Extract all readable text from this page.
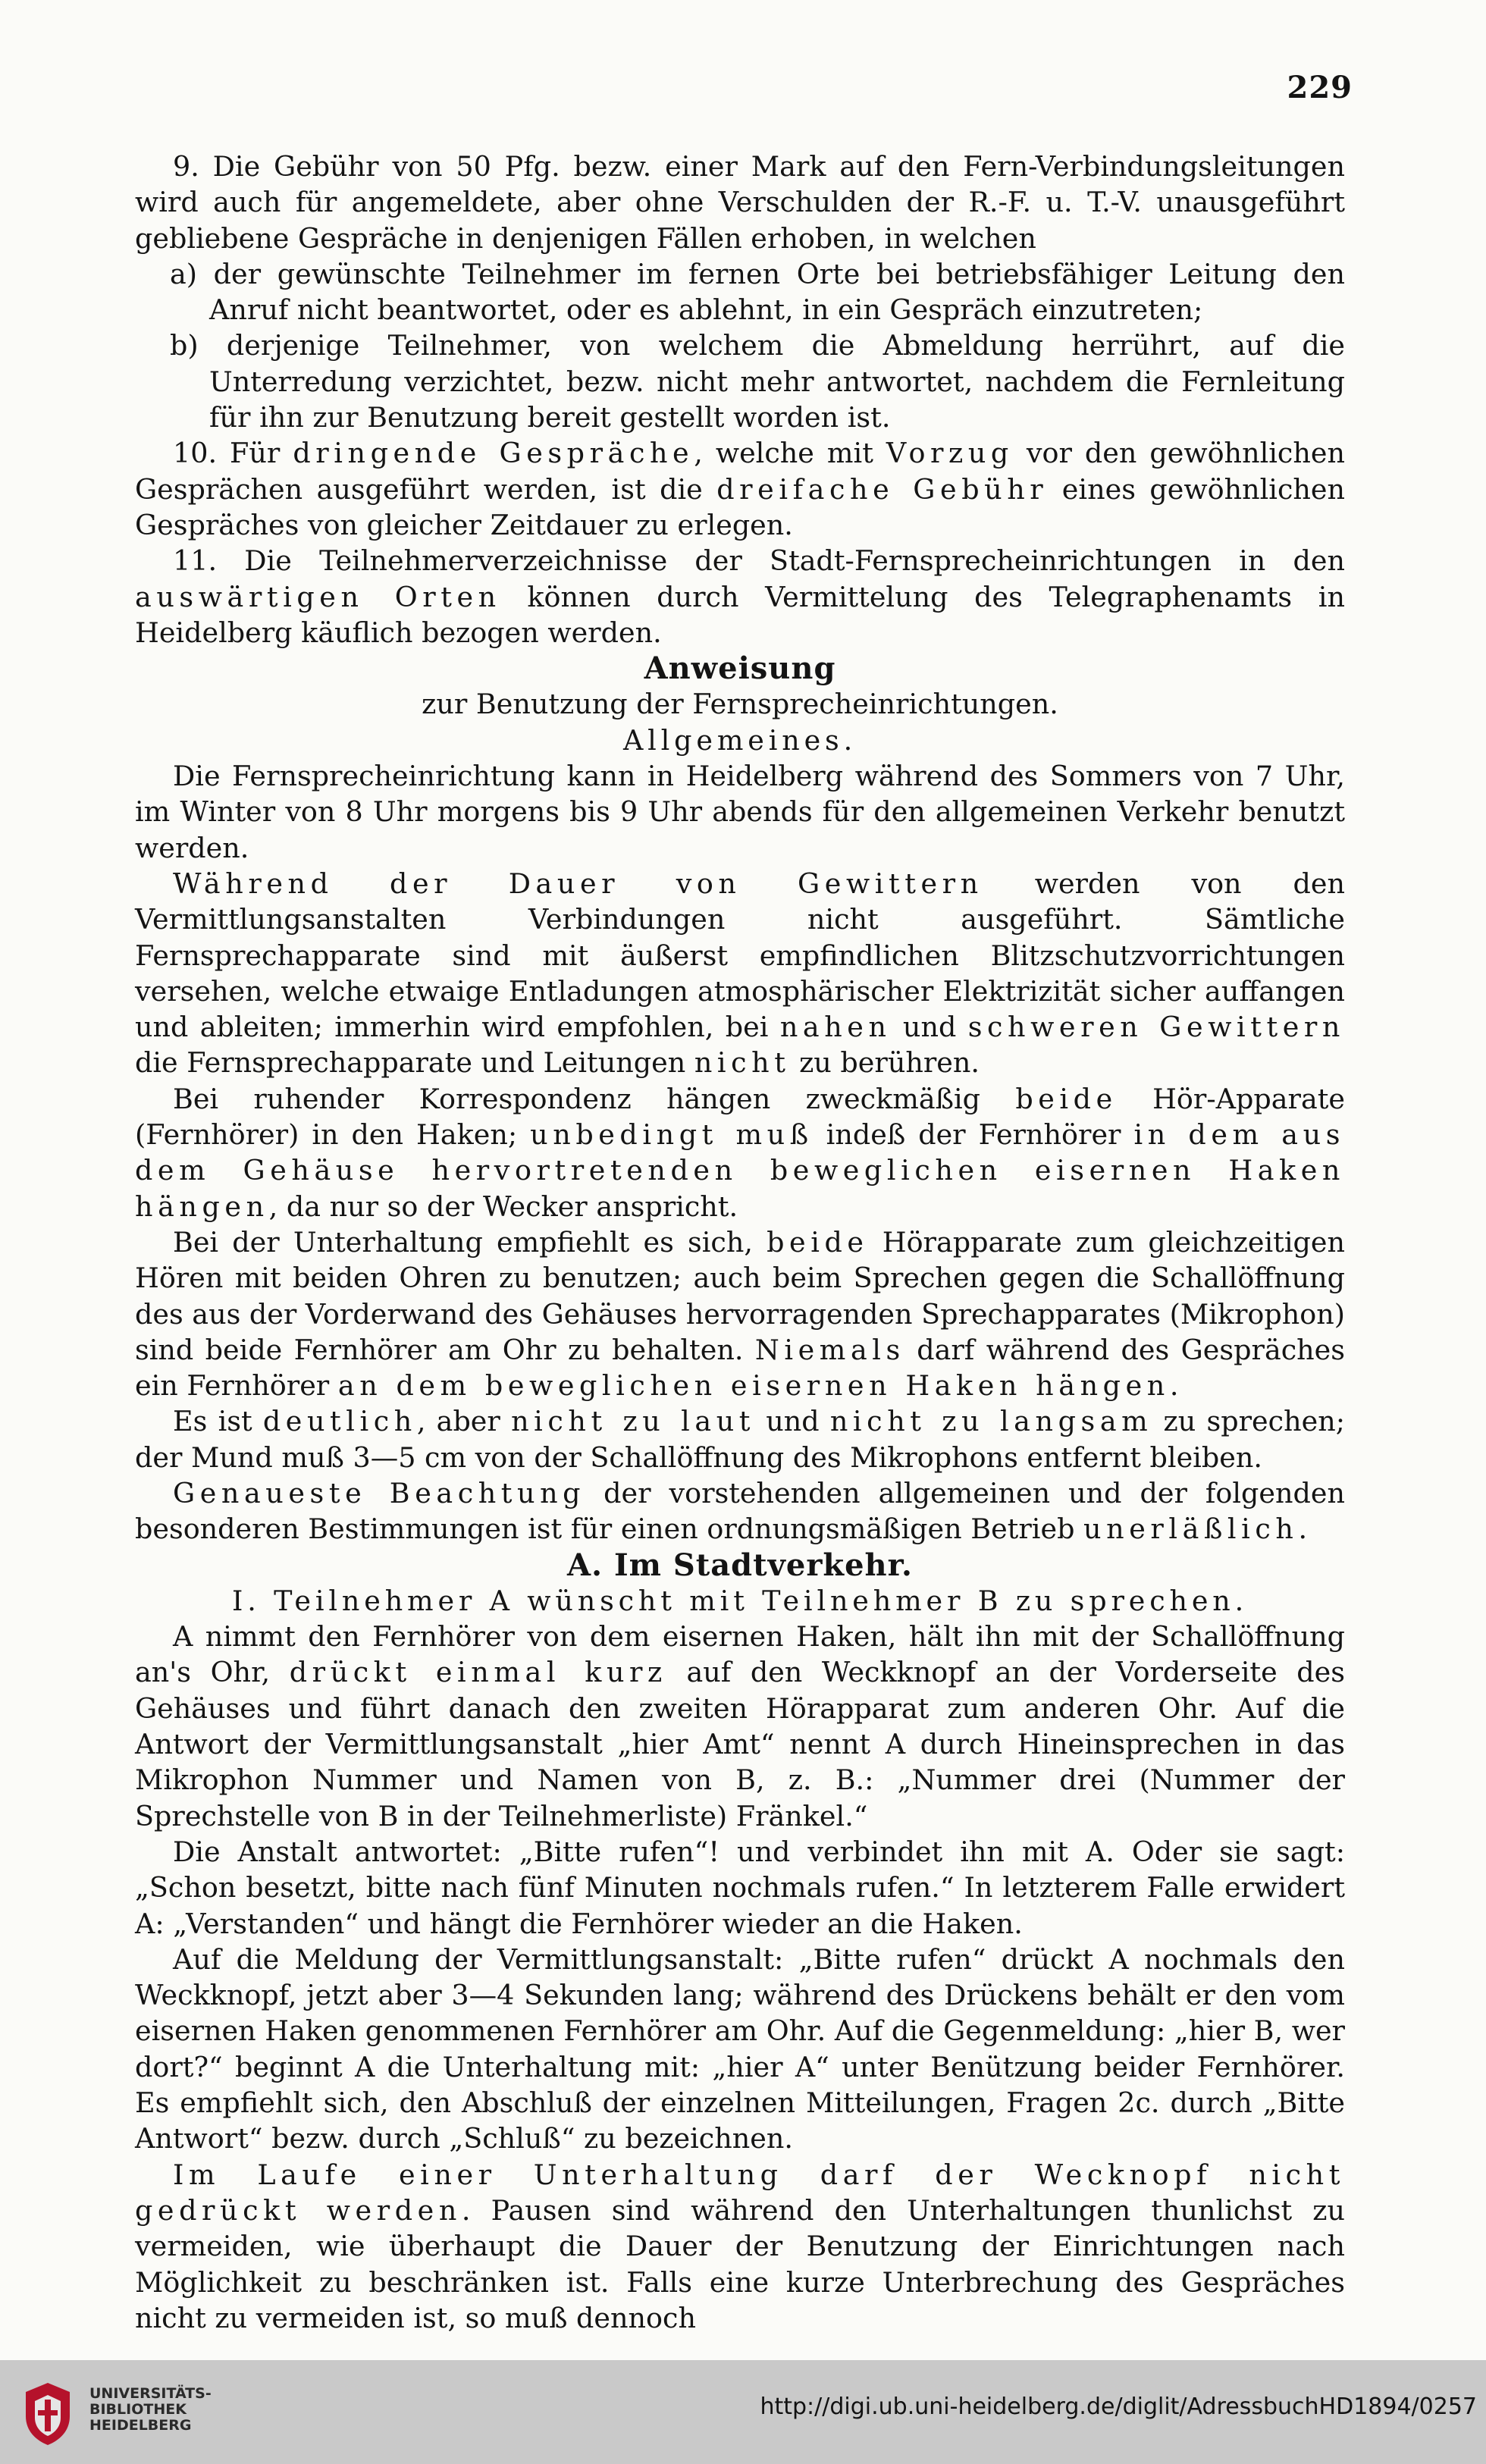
229

9. Die Gebühr von 50 Pfg. bezw. einer Mark auf den Fern-Verbindungsleitungen wird auch für angemeldete, aber ohne Verschulden der R.-F. u. T.-V. unausgeführt gebliebene Gespräche in denjenigen Fällen erhoben, in welchen

a) der gewünschte Teilnehmer im fernen Orte bei betriebsfähiger Leitung den Anruf nicht beantwortet, oder es ablehnt, in ein Gespräch einzutreten;

b) derjenige Teilnehmer, von welchem die Abmeldung herrührt, auf die Unterredung verzichtet, bezw. nicht mehr antwortet, nachdem die Fernleitung für ihn zur Benutzung bereit gestellt worden ist.

10. Für dringende Gespräche, welche mit Vorzug vor den gewöhnlichen Gesprächen ausgeführt werden, ist die dreifache Gebühr eines gewöhnlichen Gespräches von gleicher Zeitdauer zu erlegen.

11. Die Teilnehmerverzeichnisse der Stadt-Fernsprecheinrichtungen in den auswärtigen Orten können durch Vermittelung des Telegraphenamts in Heidelberg käuflich bezogen werden.

Anweisung

zur Benutzung der Fernsprecheinrichtungen.

Allgemeines.

Die Fernsprecheinrichtung kann in Heidelberg während des Sommers von 7 Uhr, im Winter von 8 Uhr morgens bis 9 Uhr abends für den allgemeinen Verkehr benutzt werden.

Während der Dauer von Gewittern werden von den Vermittlungsanstalten Verbindungen nicht ausgeführt. Sämtliche Fernsprechapparate sind mit äußerst empfindlichen Blitzschutzvorrichtungen versehen, welche etwaige Entladungen atmosphärischer Elektrizität sicher auffangen und ableiten; immerhin wird empfohlen, bei nahen und schweren Gewittern die Fernsprechapparate und Leitungen nicht zu berühren.

Bei ruhender Korrespondenz hängen zweckmäßig beide Hör-Apparate (Fernhörer) in den Haken; unbedingt muß indeß der Fernhörer in dem aus dem Gehäuse hervortretenden beweglichen eisernen Haken hängen, da nur so der Wecker anspricht.

Bei der Unterhaltung empfiehlt es sich, beide Hörapparate zum gleichzeitigen Hören mit beiden Ohren zu benutzen; auch beim Sprechen gegen die Schallöffnung des aus der Vorderwand des Gehäuses hervorragenden Sprechapparates (Mikrophon) sind beide Fernhörer am Ohr zu behalten. Niemals darf während des Gespräches ein Fernhörer an dem beweglichen eisernen Haken hängen.

Es ist deutlich, aber nicht zu laut und nicht zu langsam zu sprechen; der Mund muß 3—5 cm von der Schallöffnung des Mikrophons entfernt bleiben.

Genaueste Beachtung der vorstehenden allgemeinen und der folgenden besonderen Bestimmungen ist für einen ordnungsmäßigen Betrieb unerläßlich.

A. Im Stadtverkehr.

I. Teilnehmer A wünscht mit Teilnehmer B zu sprechen.

A nimmt den Fernhörer von dem eisernen Haken, hält ihn mit der Schallöffnung an's Ohr, drückt einmal kurz auf den Weckknopf an der Vorderseite des Gehäuses und führt danach den zweiten Hörapparat zum anderen Ohr. Auf die Antwort der Vermittlungsanstalt „hier Amt“ nennt A durch Hineinsprechen in das Mikrophon Nummer und Namen von B, z. B.: „Nummer drei (Nummer der Sprechstelle von B in der Teilnehmerliste) Fränkel.“

Die Anstalt antwortet: „Bitte rufen“! und verbindet ihn mit A. Oder sie sagt: „Schon besetzt, bitte nach fünf Minuten nochmals rufen.“ In letzterem Falle erwidert A: „Verstanden“ und hängt die Fernhörer wieder an die Haken.

Auf die Meldung der Vermittlungsanstalt: „Bitte rufen“ drückt A nochmals den Weckknopf, jetzt aber 3—4 Sekunden lang; während des Drückens behält er den vom eisernen Haken genommenen Fernhörer am Ohr. Auf die Gegenmeldung: „hier B, wer dort?“ beginnt A die Unterhaltung mit: „hier A“ unter Benützung beider Fernhörer. Es empfiehlt sich, den Abschluß der einzelnen Mitteilungen, Fragen 2c. durch „Bitte Antwort“ bezw. durch „Schluß“ zu bezeichnen.

Im Laufe einer Unterhaltung darf der Wecknopf nicht gedrückt werden. Pausen sind während den Unterhaltungen thunlichst zu vermeiden, wie überhaupt die Dauer der Benutzung der Einrichtungen nach Möglichkeit zu beschränken ist. Falls eine kurze Unterbrechung des Gespräches nicht zu vermeiden ist, so muß dennoch

UNIVERSITÄTS-
BIBLIOTHEK
HEIDELBERG
http://digi.ub.uni-heidelberg.de/diglit/AdressbuchHD1894/0257
